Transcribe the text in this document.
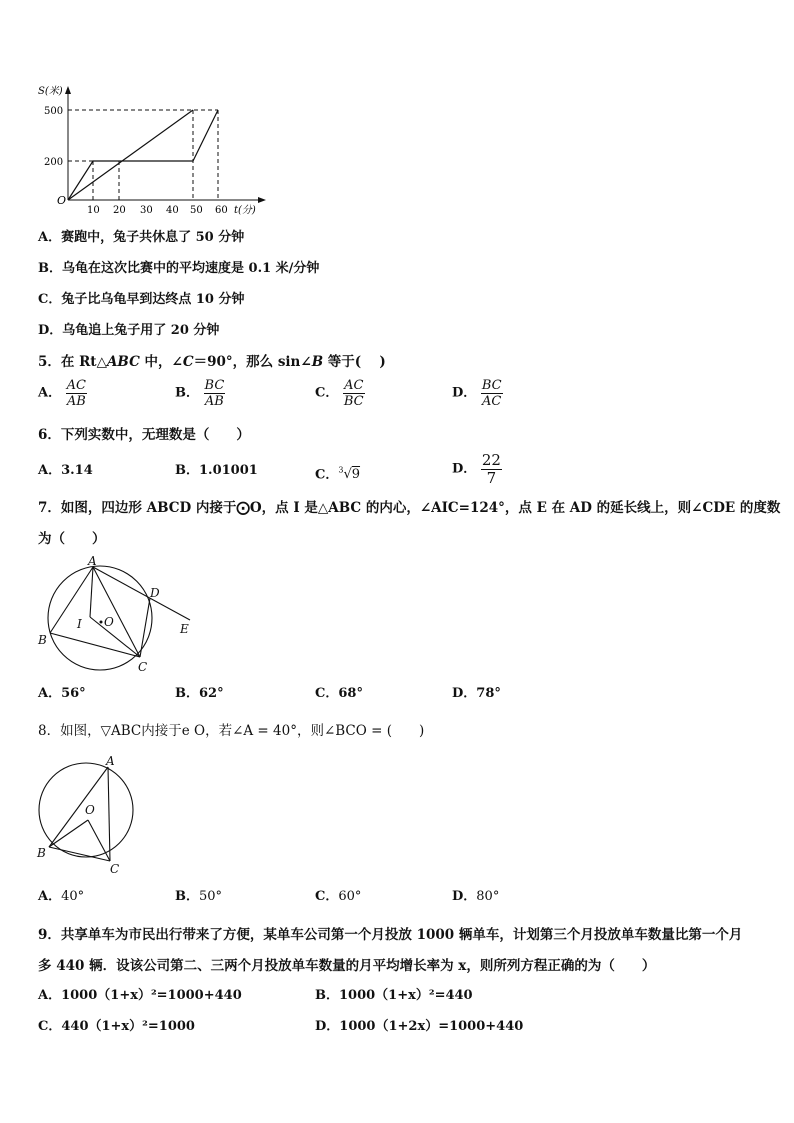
S(米)
t(分)
O
500
200
10 20 30 40 50 60
A．赛跑中，兔子共休息了 50 分钟
B．乌龟在这次比赛中的平均速度是 0.1 米/分钟
C．兔子比乌龟早到达终点 10 分钟
D．乌龟追上兔子用了 20 分钟
5．在 Rt△ABC 中，∠C＝90°，那么 sin∠B 等于(　 )
A． $\frac{AC}{AB}$	B． $\frac{BC}{AB}$	C． $\frac{AC}{BC}$	D． $\frac{BC}{AC}$
6．下列实数中，无理数是（　　）
A．3.14	B．1.01001	C．$^3$√9	D． $\frac{22}{7}$
7．如图，四边形 ABCD 内接于⨀O，点 I 是△ABC 的内心，∠AIC=124°，点 E 在 AD 的延长线上，则∠CDE 的度数
为（　　）
A
B
C
D
E
I O
A．56°	B．62°	C．68°	D．78°
8．如图，▽ABC内接于e O，若∠A = 40°，则∠BCO = (　　)
A
B
C
O
A．40°	B．50°	C．60°	D．80°
9．共享单车为市民出行带来了方便，某单车公司第一个月投放 1000 辆单车，计划第三个月投放单车数量比第一个月
多 440 辆．设该公司第二、三两个月投放单车数量的月平均增长率为 x，则所列方程正确的为（　　）
A．1000（1+x）²=1000+440	B．1000（1+x）²=440
C．440（1+x）²=1000	D．1000（1+2x）=1000+440
